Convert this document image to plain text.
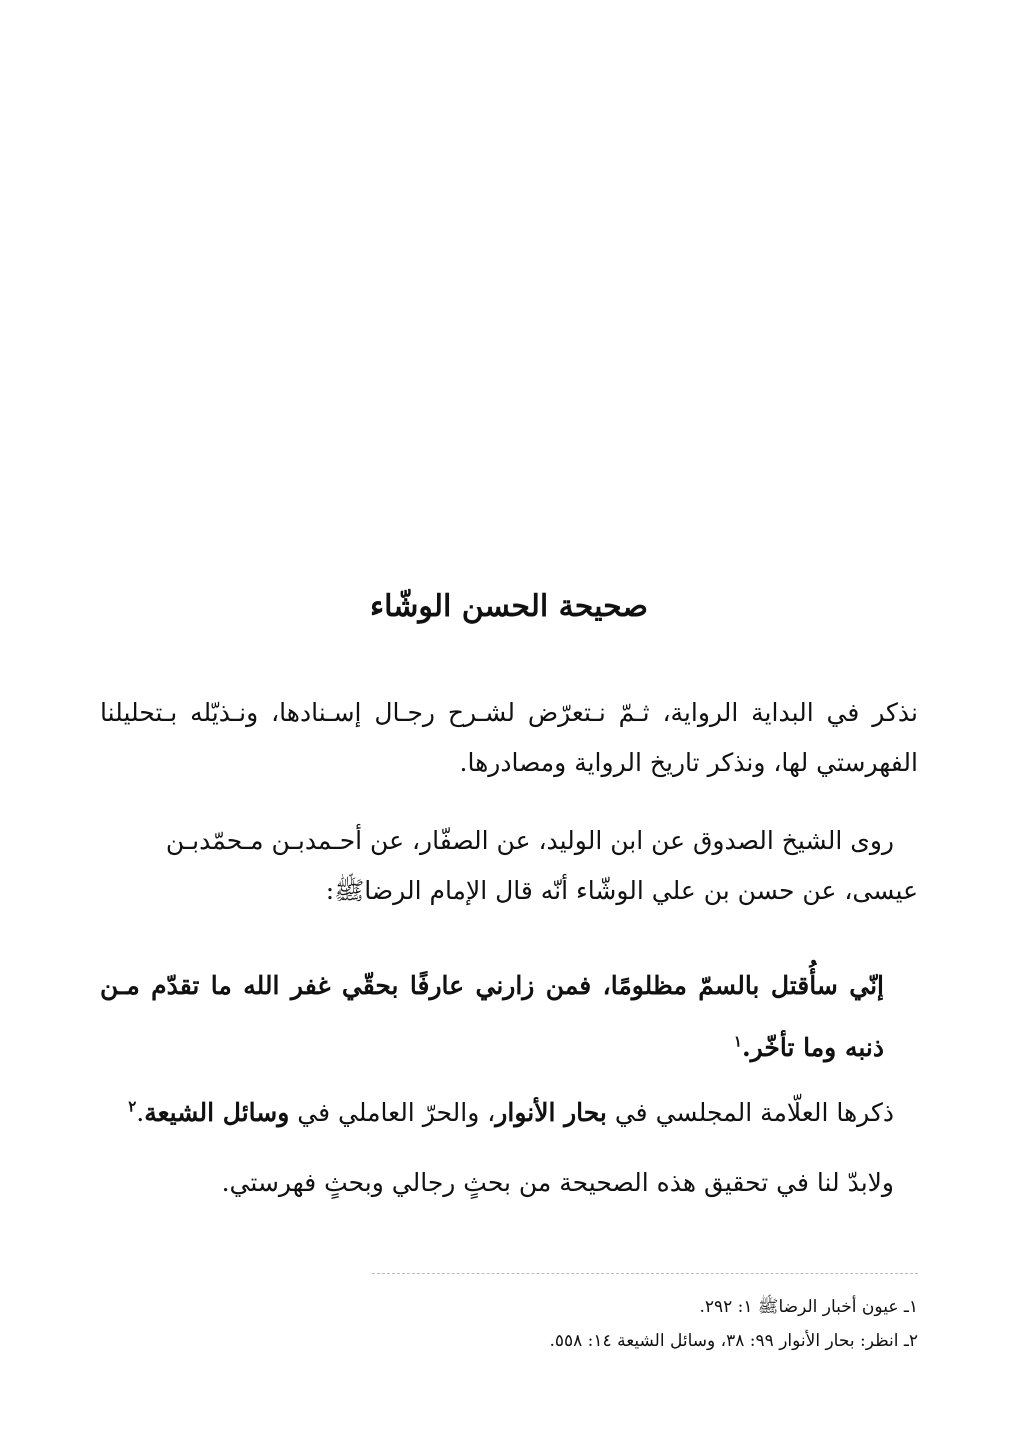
صحيحة الحسن الوشّاء

نذكر في البداية الرواية، ثـمّ نـتعرّض لشـرح رجـال إسـنادها، ونـذيّله بـتحليلنا الفهرستي لها، ونذكر تاريخ الرواية ومصادرها.

روى الشيخ الصدوق عن ابن الوليد، عن الصفّار، عن أحـمدبـن مـحمّدبـن
عيسى، عن حسن بن علي الوشّاء أنّه قال الإمام الرضاﷺ:

إنّي سأُقتل بالسمّ مظلومًا، فمن زارني عارفًا بحقّي غفر الله ما تقدّم مـن ذنبه وما تأخّر.$^١$

ذكرها العلّامة المجلسي في بحار الأنوار، والحرّ العاملي في وسائل الشيعة.$^٢$

ولابدّ لنا في تحقيق هذه الصحيحة من بحثٍ رجالي وبحثٍ فهرستي.

١ـ عيون أخبار الرضاﷺ ١: ٢٩٢.
٢ـ انظر: بحار الأنوار ٩٩: ٣٨، وسائل الشيعة ١٤: ٥٥٨.
